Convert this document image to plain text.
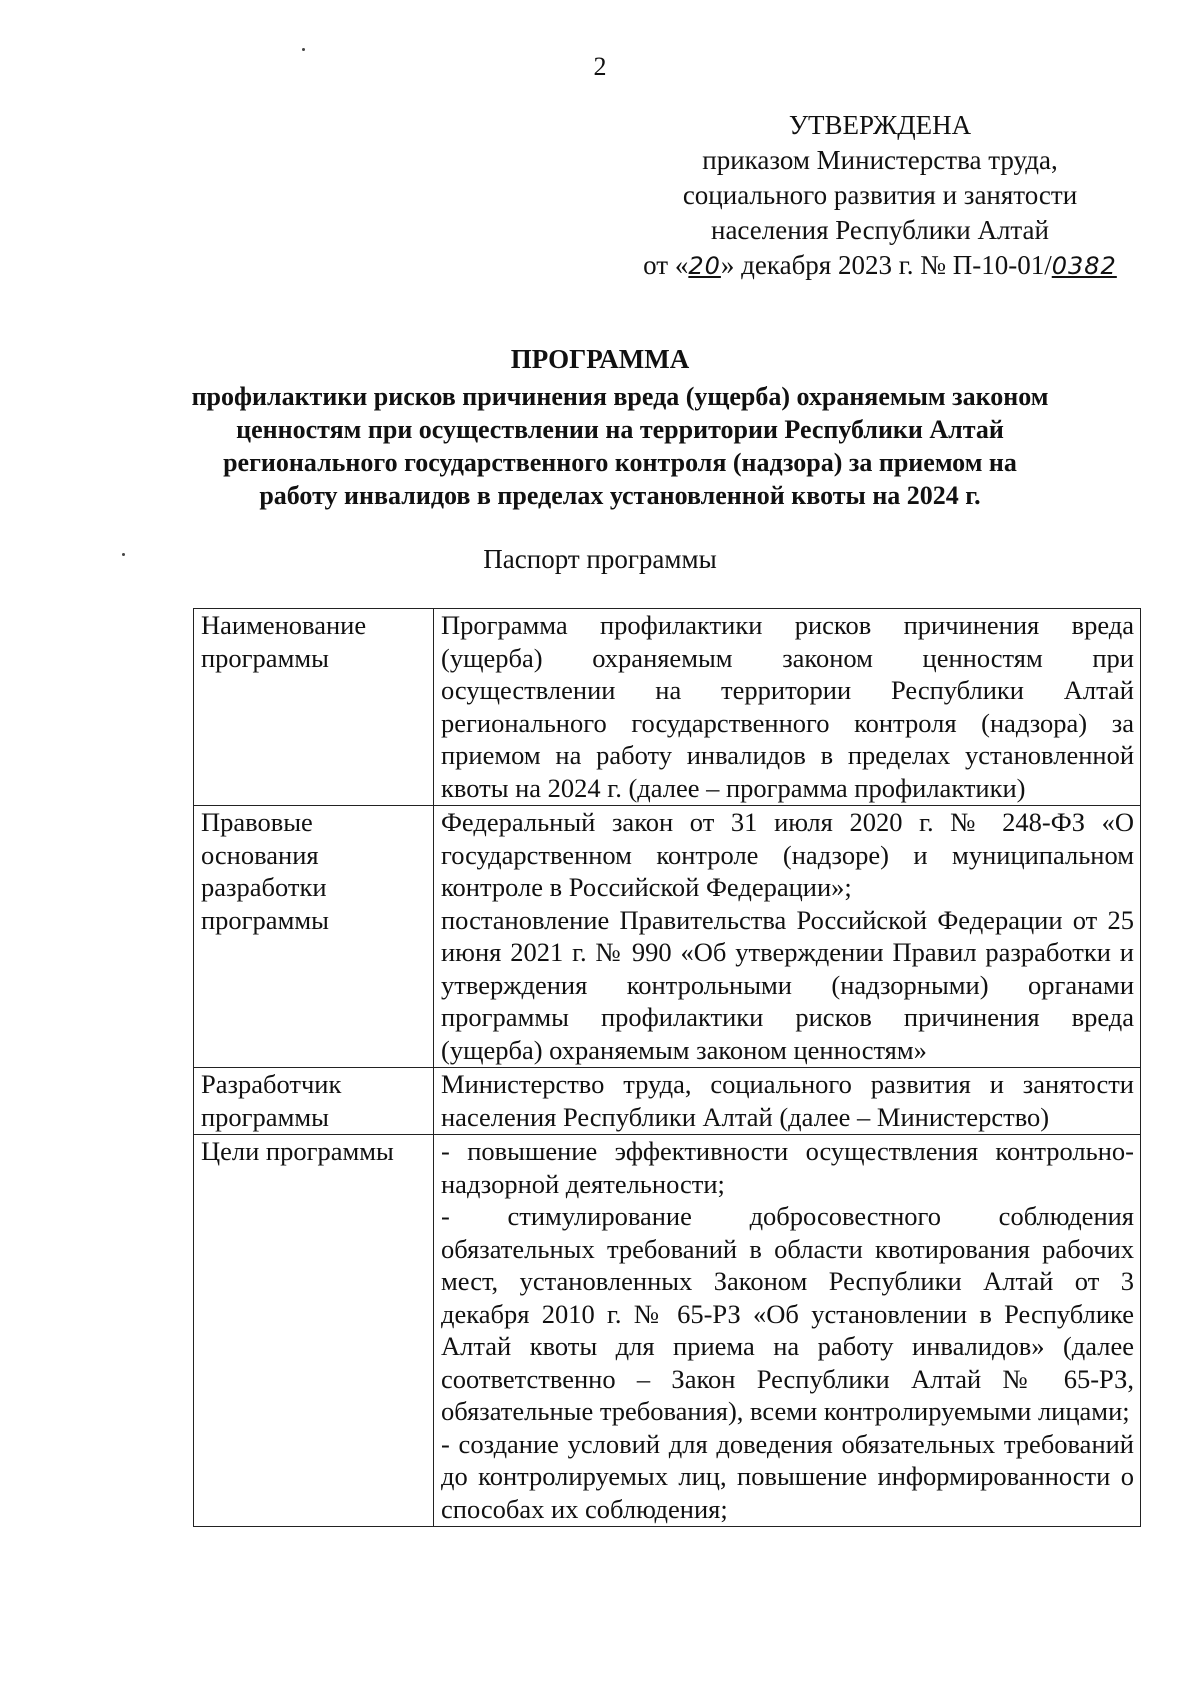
2
УТВЕРЖДЕНА
приказом Министерства труда,
социального развития и занятости
населения Республики Алтай
от «20» декабря 2023 г. № П-10-01/0382
ПРОГРАММА
профилактики рисков причинения вреда (ущерба) охраняемым законом
ценностям при осуществлении на территории Республики Алтай
регионального государственного контроля (надзора) за приемом на
работу инвалидов в пределах установленной квоты на 2024 г.
Паспорт программы
Наименование программы	Программа профилактики рисков причинения вреда (ущерба) охраняемым законом ценностям при осуществлении на территории Республики Алтай регионального государственного контроля (надзора) за приемом на работу инвалидов в пределах установленной квоты на 2024 г. (далее – программа профилактики)

Правовые основания разработки программы	Федеральный закон от 31 июля 2020 г. № 248-ФЗ «О государственном контроле (надзоре) и муниципальном контроле в Российской Федерации»;
постановление Правительства Российской Федерации от 25 июня 2021 г. № 990 «Об утверждении Правил разработки и утверждения контрольными (надзорными) органами программы профилактики рисков причинения вреда (ущерба) охраняемым законом ценностям»

Разработчик программы	Министерство труда, социального развития и занятости населения Республики Алтай (далее – Министерство)

Цели программы	- повышение эффективности осуществления контрольно-надзорной деятельности;
- стимулирование добросовестного соблюдения обязательных требований в области квотирования рабочих мест, установленных Законом Республики Алтай от 3 декабря 2010 г. № 65-РЗ «Об установлении в Республике Алтай квоты для приема на работу инвалидов» (далее соответственно – Закон Республики Алтай № 65-РЗ, обязательные требования), всеми контролируемыми лицами;
- создание условий для доведения обязательных требований до контролируемых лиц, повышение информированности о способах их соблюдения;
